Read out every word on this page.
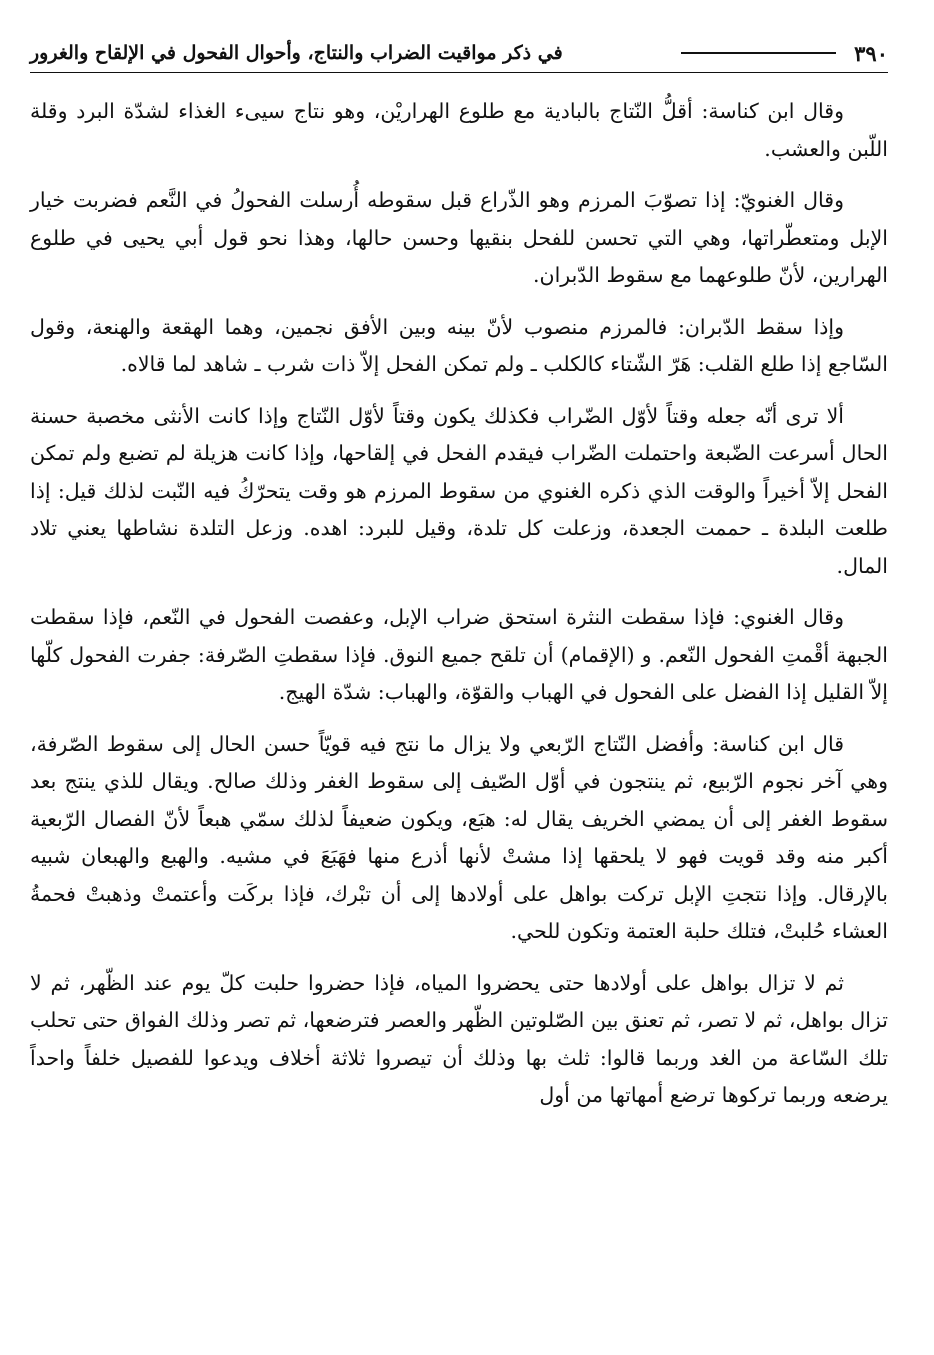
٣٩٠
في ذكر مواقيت الضراب والنتاج، وأحوال الفحول في الإلقاح والغرور

وقال ابن كناسة: أقلُّ النّتاج بالبادية مع طلوع الهراريْن، وهو نتاج سيىء الغذاء لشدّة البرد وقلة اللّبن والعشب.

وقال الغنويّ: إذا تصوّبَ المرزم وهو الذّراع قبل سقوطه أُرسلت الفحولُ في النَّعم فضربت خيار الإبل ومتعطّراتها، وهي التي تحسن للفحل بنقيها وحسن حالها، وهذا نحو قول أبي يحيى في طلوع الهرارين، لأنّ طلوعهما مع سقوط الدّبران.

وإذا سقط الدّبران: فالمرزم منصوب لأنّ بينه وبين الأفق نجمين، وهما الهقعة والهنعة، وقول السّاجع إذا طلع القلب: هَرّ الشّتاء كالكلب ـ ولم تمكن الفحل إلاّ ذات شرب ـ شاهد لما قالاه.

ألا ترى أنّه جعله وقتاً لأوّل الضّراب فكذلك يكون وقتاً لأوّل النّتاج وإذا كانت الأنثى مخصبة حسنة الحال أسرعت الضّبعة واحتملت الضّراب فيقدم الفحل في إلقاحها، وإذا كانت هزيلة لم تضبع ولم تمكن الفحل إلاّ أخيراً والوقت الذي ذكره الغنوي من سقوط المرزم هو وقت يتحرّكُ فيه النّبت لذلك قيل: إذا طلعت البلدة ـ حممت الجعدة، وزعلت كل تلدة، وقيل للبرد: اهده. وزعل التلدة نشاطها يعني تلاد المال.

وقال الغنوي: فإذا سقطت النثرة استحق ضراب الإبل، وعفصت الفحول في النّعم، فإذا سقطت الجبهة أقْمتِ الفحول النّعم. و (الإقمام) أن تلقح جميع النوق. فإذا سقطتِ الصّرفة: جفرت الفحول كلّها إلاّ القليل إذا الفضل على الفحول في الهباب والقوّة، والهباب: شدّة الهيج.

قال ابن كناسة: وأفضل النّتاج الرّبعي ولا يزال ما نتج فيه قويّاً حسن الحال إلى سقوط الصّرفة، وهي آخر نجوم الرّبيع، ثم ينتجون في أوّل الصّيف إلى سقوط الغفر وذلك صالح. ويقال للذي ينتج بعد سقوط الغفر إلى أن يمضي الخريف يقال له: هبَع، ويكون ضعيفاً لذلك سمّي هبعاً لأنّ الفصال الرّبعية أكبر منه وقد قويت فهو لا يلحقها إذا مشتْ لأنها أذرع منها فهَبَعَ في مشيه. والهبع والهبعان شبيه بالإرقال. وإذا نتجتِ الإبل تركت بواهل على أولادها إلى أن تبْرك، فإذا بركَت وأعتمتْ وذهبتْ فحمةُ العشاء حُلبتْ، فتلك حلبة العتمة وتكون للحي.

ثم لا تزال بواهل على أولادها حتى يحضروا المياه، فإذا حضروا حلبت كلّ يوم عند الظّهر، ثم لا تزال بواهل، ثم لا تصر، ثم تعنق بين الصّلوتين الظّهر والعصر فترضعها، ثم تصر وذلك الفواق حتى تحلب تلك السّاعة من الغد وربما قالوا: ثلث بها وذلك أن تيصروا ثلاثة أخلاف ويدعوا للفصيل خلفاً واحداً يرضعه وربما تركوها ترضع أمهاتها من أول
